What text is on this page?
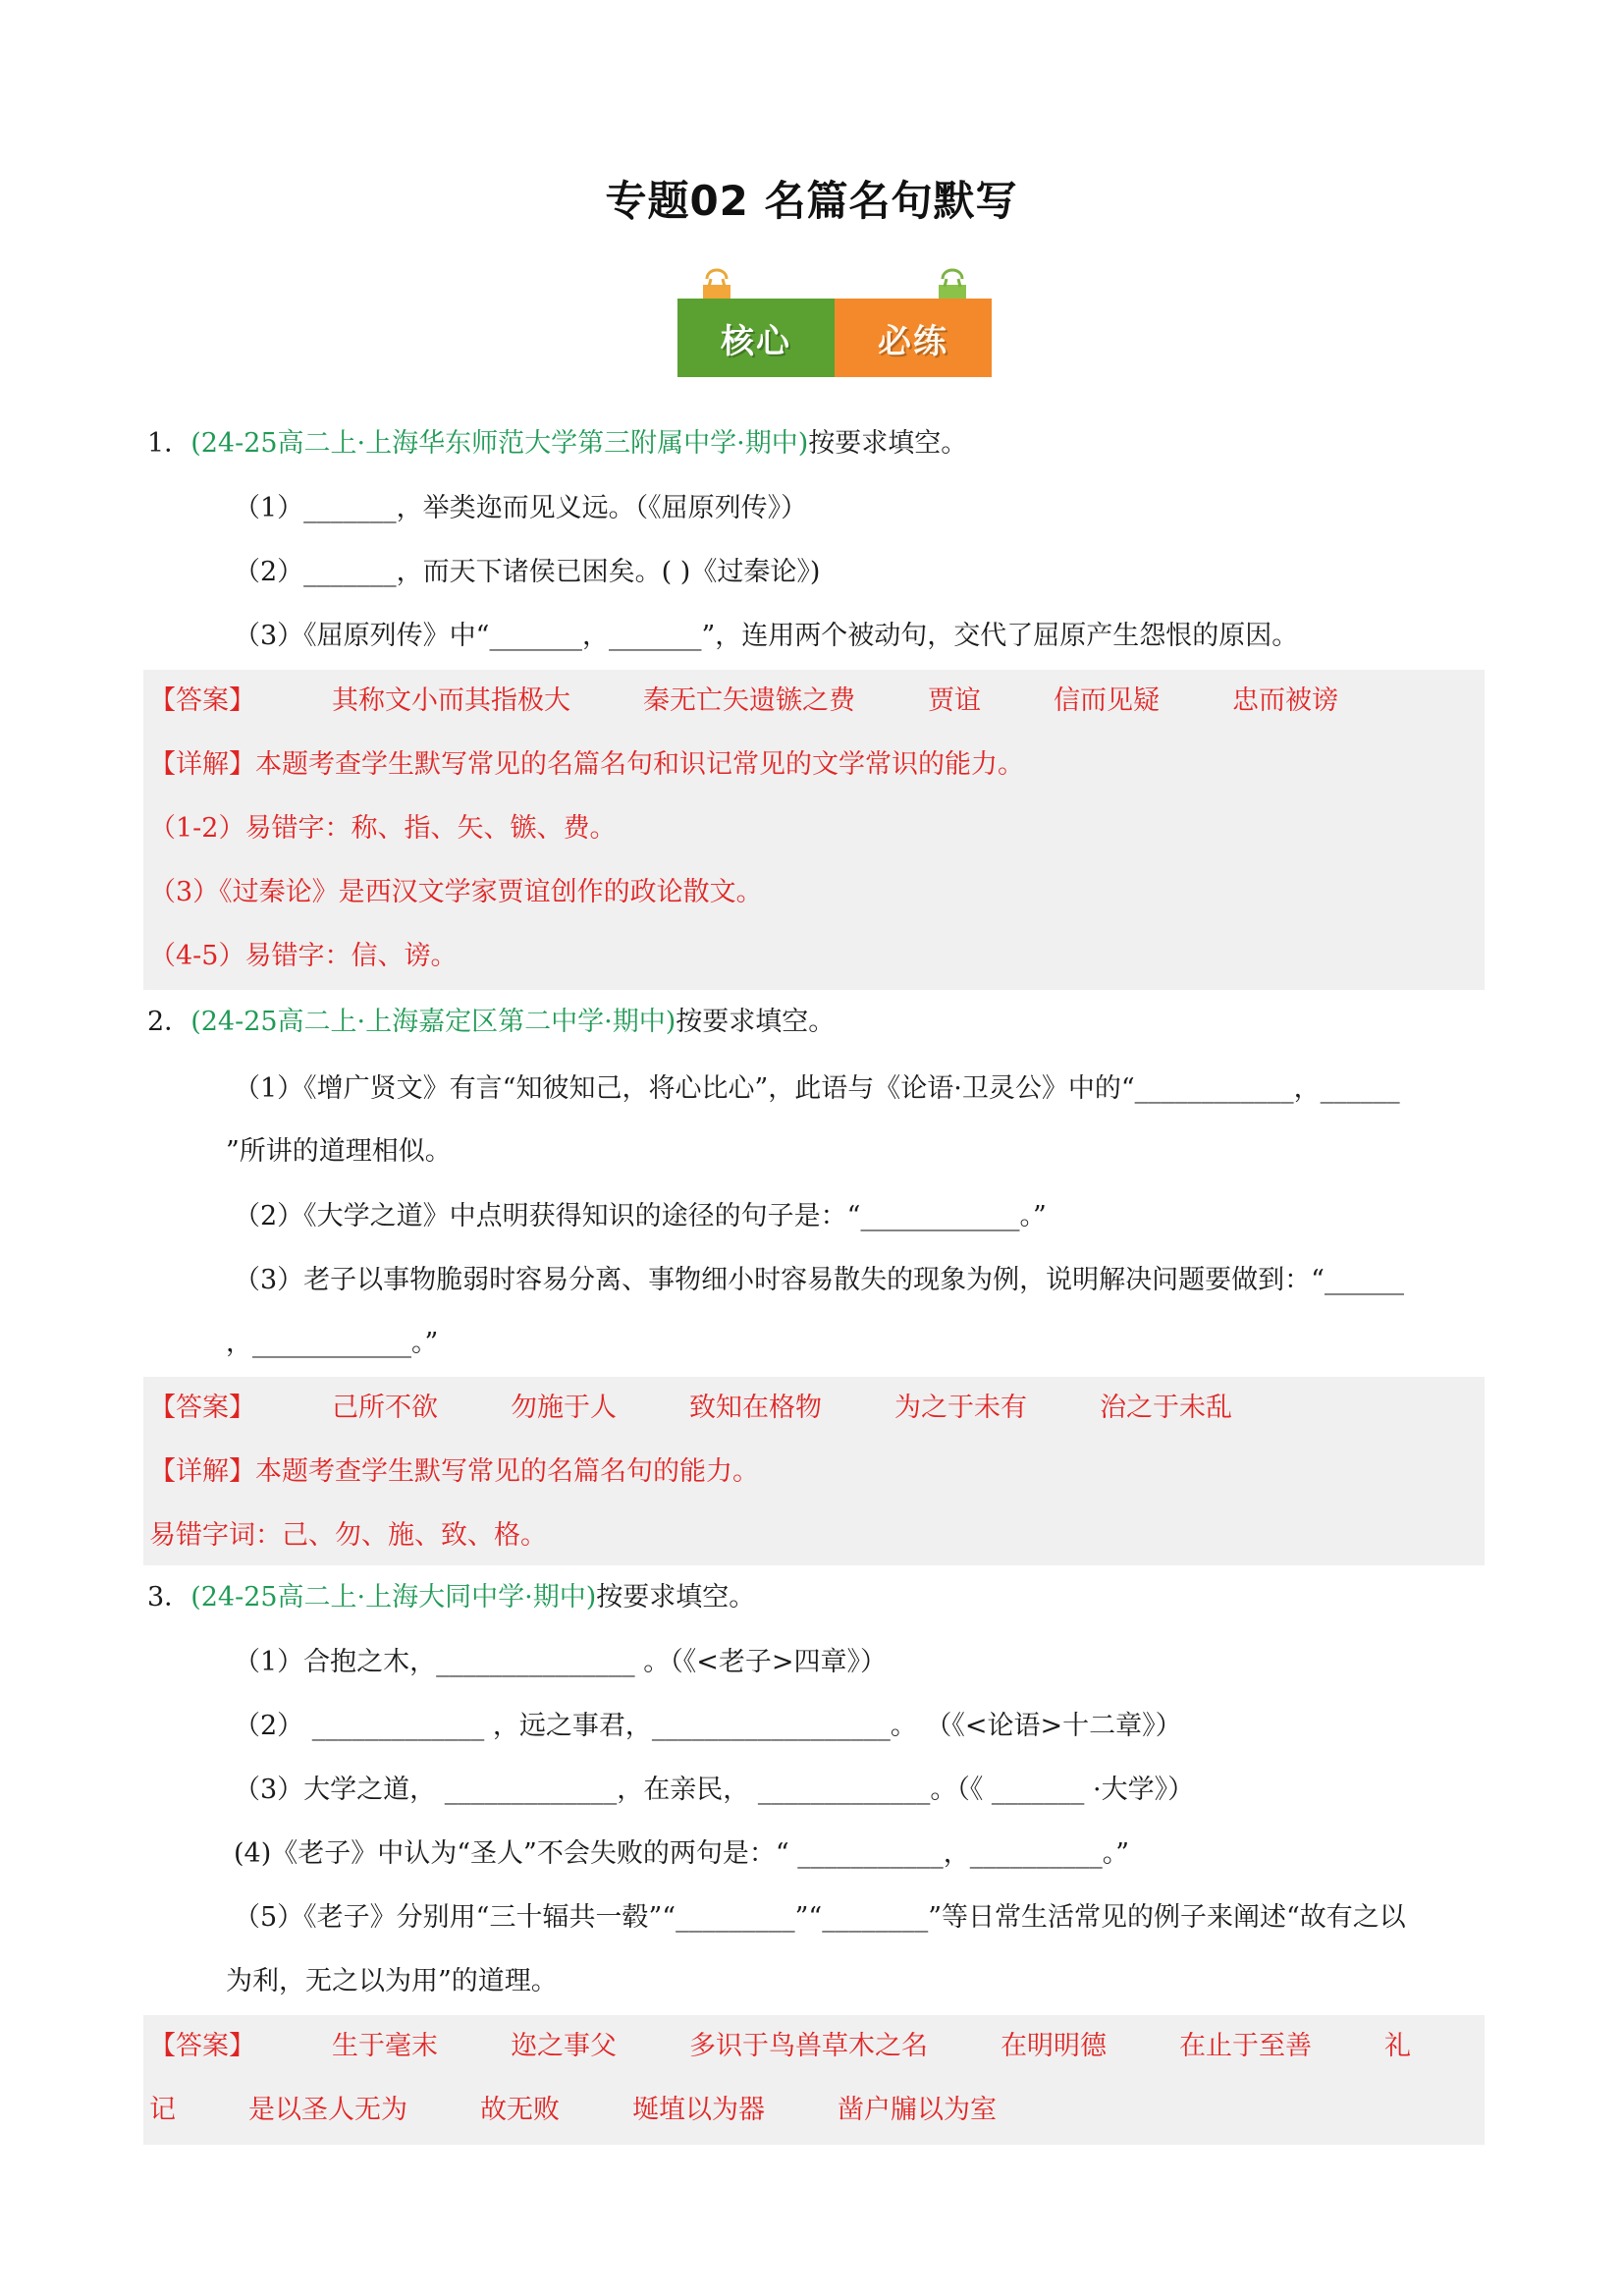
专题02 名篇名句默写
核心	必练
1．(24-25高二上·上海华东师范大学第三附属中学·期中)按要求填空。
（1）_______，举类迩而见义远。（《屈原列传》）
（2）_______，而天下诸侯已困矣。( )《过秦论》)
（3）《屈原列传》中“_______，_______”，连用两个被动句，交代了屈原产生怨恨的原因。
【答案】	其称文小而其指极大	秦无亡矢遗镞之费	贾谊	信而见疑	忠而被谤
【详解】本题考查学生默写常见的名篇名句和识记常见的文学常识的能力。
（1-2）易错字：称、指、矢、镞、费。
（3）《过秦论》是西汉文学家贾谊创作的政论散文。
（4-5）易错字：信、谤。
2．(24-25高二上·上海嘉定区第二中学·期中)按要求填空。
（1）《增广贤文》有言“知彼知己，将心比心”，此语与《论语·卫灵公》中的“____________，______
”所讲的道理相似。
（2）《大学之道》中点明获得知识的途径的句子是：“____________。”
（3）老子以事物脆弱时容易分离、事物细小时容易散失的现象为例，说明解决问题要做到：“______
，____________。”
【答案】	己所不欲	勿施于人	致知在格物	为之于未有	治之于未乱
【详解】本题考查学生默写常见的名篇名句的能力。
易错字词：己、勿、施、致、格。
3．(24-25高二上·上海大同中学·期中)按要求填空。
（1）合抱之木，_______________ 。（《<老子>四章》）
（2） _____________ ，远之事君，__________________。 （《<论语>十二章》）
（3）大学之道， _____________，在亲民， _____________。（《 _______ ·大学》）
(4)《老子》中认为“圣人”不会失败的两句是：“ ___________，__________。”
（5）《老子》分别用“三十辐共一毂”“_________”“________”等日常生活常见的例子来阐述“故有之以
为利，无之以为用”的道理。
【答案】	生于毫末	迩之事父	多识于鸟兽草木之名	在明明德	在止于至善	礼
记	是以圣人无为	故无败	埏埴以为器	凿户牖以为室
